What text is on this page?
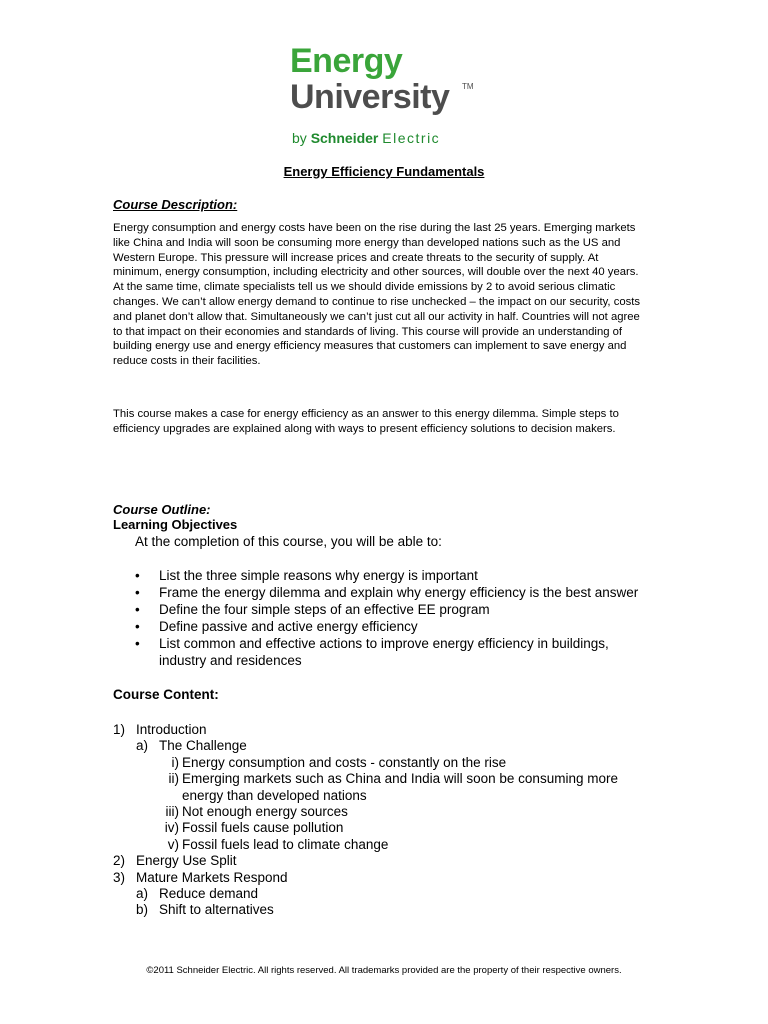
Energy
University TM
by Schneider Electric
Energy Efficiency Fundamentals
Course Description:

Energy consumption and energy costs have been on the rise during the last 25 years. Emerging markets like China and India will soon be consuming more energy than developed nations such as the US and Western Europe. This pressure will increase prices and create threats to the security of supply. At minimum, energy consumption, including electricity and other sources, will double over the next 40 years. At the same time, climate specialists tell us we should divide emissions by 2 to avoid serious climatic changes. We can’t allow energy demand to continue to rise unchecked – the impact on our security, costs and planet don’t allow that. Simultaneously we can’t just cut all our activity in half. Countries will not agree to that impact on their economies and standards of living. This course will provide an understanding of building energy use and energy efficiency measures that customers can implement to save energy and reduce costs in their facilities.

This course makes a case for energy efficiency as an answer to this energy dilemma. Simple steps to efficiency upgrades are explained along with ways to present efficiency solutions to decision makers.

Course Outline:
Learning Objectives
At the completion of this course, you will be able to:
• List the three simple reasons why energy is important
• Frame the energy dilemma and explain why energy efficiency is the best answer
• Define the four simple steps of an effective EE program
• Define passive and active energy efficiency
• List common and effective actions to improve energy efficiency in buildings, industry and residences
Course Content:
1) Introduction
a) The Challenge
i) Energy consumption and costs - constantly on the rise
ii) Emerging markets such as China and India will soon be consuming more energy than developed nations
iii) Not enough energy sources
iv) Fossil fuels cause pollution
v) Fossil fuels lead to climate change
2) Energy Use Split
3) Mature Markets Respond
a) Reduce demand
b) Shift to alternatives
©2011 Schneider Electric. All rights reserved. All trademarks provided are the property of their respective owners.
